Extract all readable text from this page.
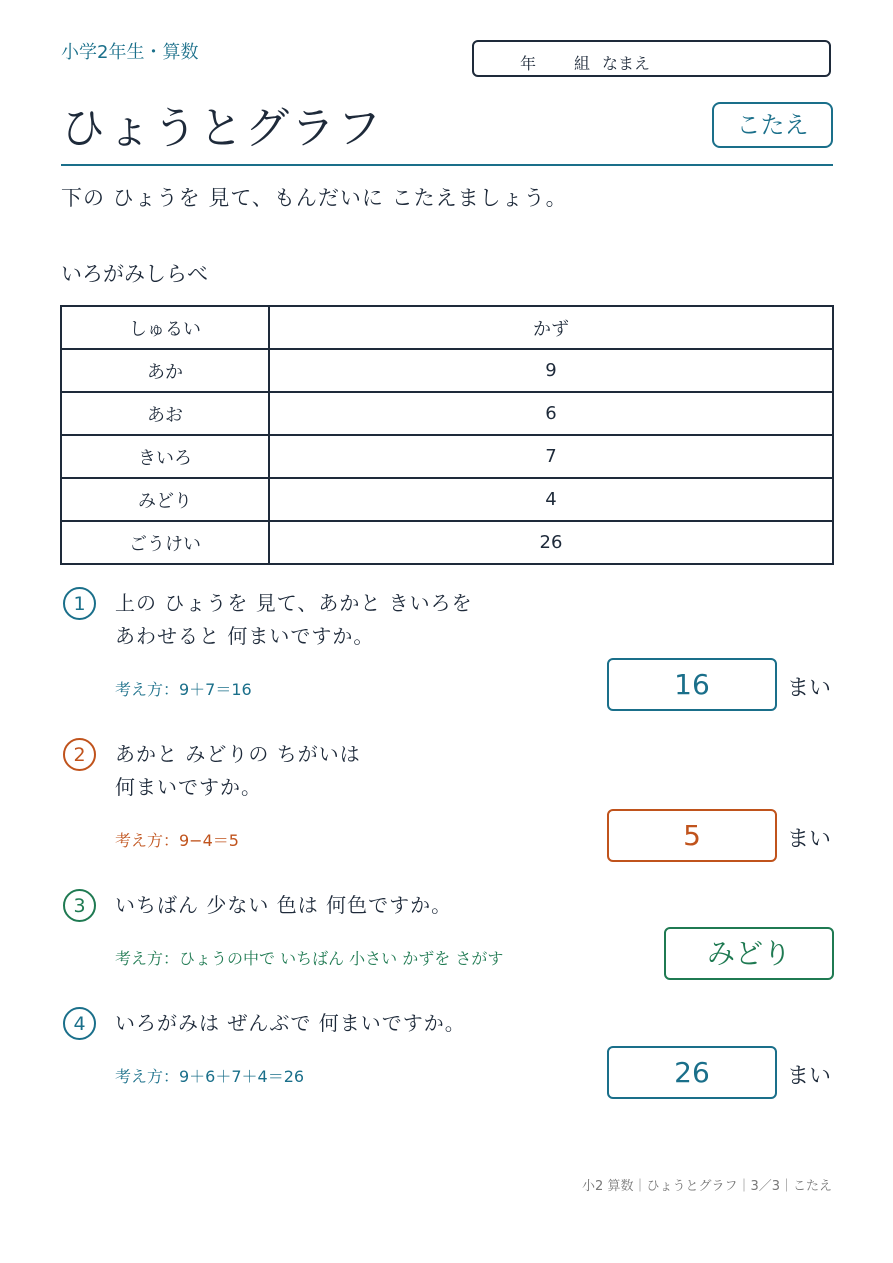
小学2年生・算数
年 組 なまえ
ひょうとグラフ	こたえ
下の ひょうを 見て、もんだいに こたえましょう。
いろがみしらべ
しゅるい	かず
あか	9
あお	6
きいろ	7
みどり	4
ごうけい	26
1	上の ひょうを 見て、あかと きいろを
あわせると 何まいですか。
考え方：9＋7＝16	16	まい
2	あかと みどりの ちがいは
何まいですか。
考え方：9−4＝5	5	まい
3	いちばん 少ない 色は 何色ですか。
考え方：ひょうの中で いちばん 小さい かずを さがす	みどり
4	いろがみは ぜんぶで 何まいですか。
考え方：9＋6＋7＋4＝26	26	まい
小2 算数｜ひょうとグラフ｜3／3｜こたえ
